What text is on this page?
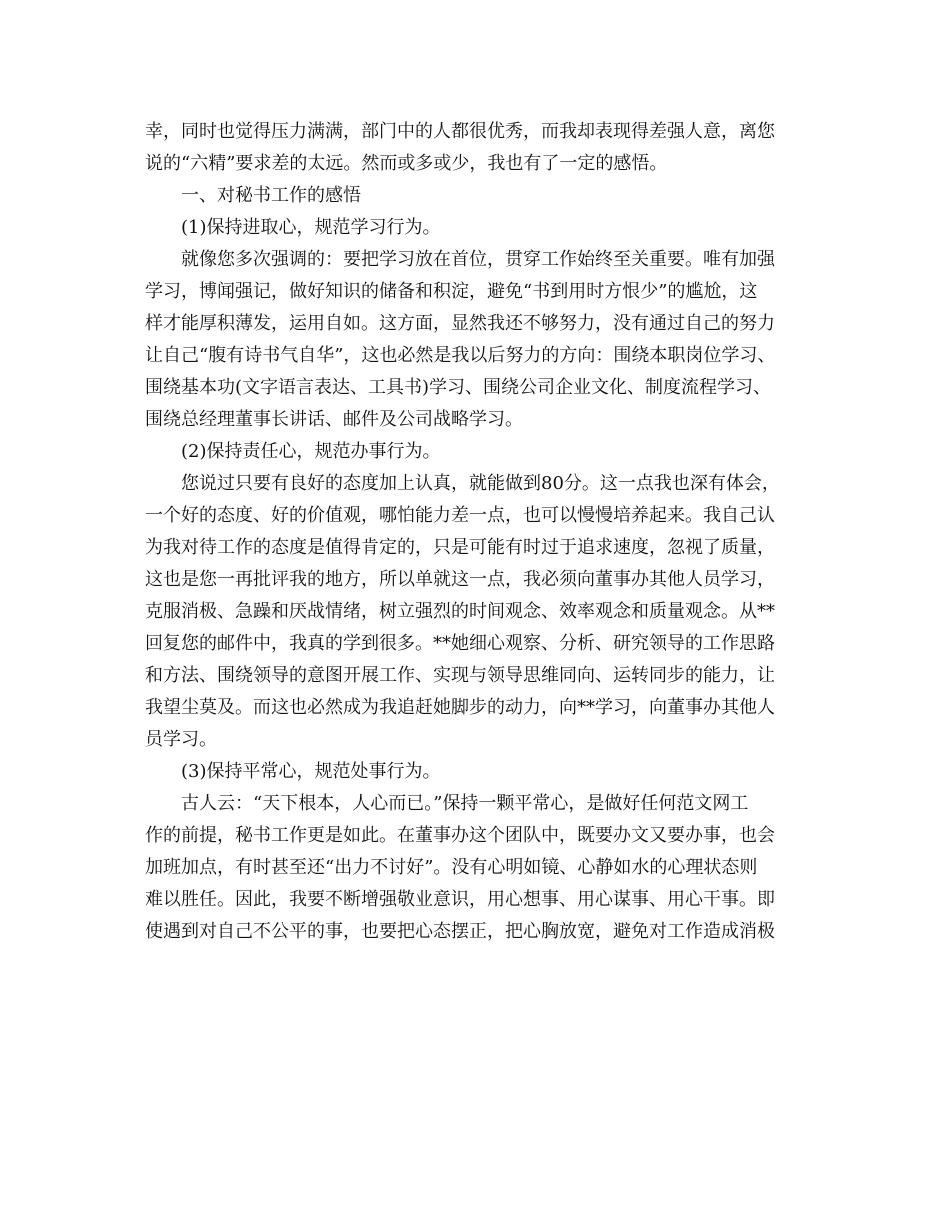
幸，同时也觉得压力满满，部门中的人都很优秀，而我却表现得差强人意，离您
说的“六精”要求差的太远。然而或多或少，我也有了一定的感悟。
一、对秘书工作的感悟
(1)保持进取心，规范学习行为。
就像您多次强调的：要把学习放在首位，贯穿工作始终至关重要。唯有加强
学习，博闻强记，做好知识的储备和积淀，避免“书到用时方恨少”的尴尬，这
样才能厚积薄发，运用自如。这方面，显然我还不够努力，没有通过自己的努力
让自己“腹有诗书气自华”，这也必然是我以后努力的方向：围绕本职岗位学习、
围绕基本功(文字语言表达、工具书)学习、围绕公司企业文化、制度流程学习、
围绕总经理董事长讲话、邮件及公司战略学习。
(2)保持责任心，规范办事行为。
您说过只要有良好的态度加上认真，就能做到80分。这一点我也深有体会，
一个好的态度、好的价值观，哪怕能力差一点，也可以慢慢培养起来。我自己认
为我对待工作的态度是值得肯定的，只是可能有时过于追求速度，忽视了质量，
这也是您一再批评我的地方，所以单就这一点，我必须向董事办其他人员学习，
克服消极、急躁和厌战情绪，树立强烈的时间观念、效率观念和质量观念。从**
回复您的邮件中，我真的学到很多。**她细心观察、分析、研究领导的工作思路
和方法、围绕领导的意图开展工作、实现与领导思维同向、运转同步的能力，让
我望尘莫及。而这也必然成为我追赶她脚步的动力，向**学习，向董事办其他人
员学习。
(3)保持平常心，规范处事行为。
古人云：“天下根本，人心而已。”保持一颗平常心，是做好任何范文网工
作的前提，秘书工作更是如此。在董事办这个团队中，既要办文又要办事，也会
加班加点，有时甚至还“出力不讨好”。没有心明如镜、心静如水的心理状态则
难以胜任。因此，我要不断增强敬业意识，用心想事、用心谋事、用心干事。即
使遇到对自己不公平的事，也要把心态摆正，把心胸放宽，避免对工作造成消极
